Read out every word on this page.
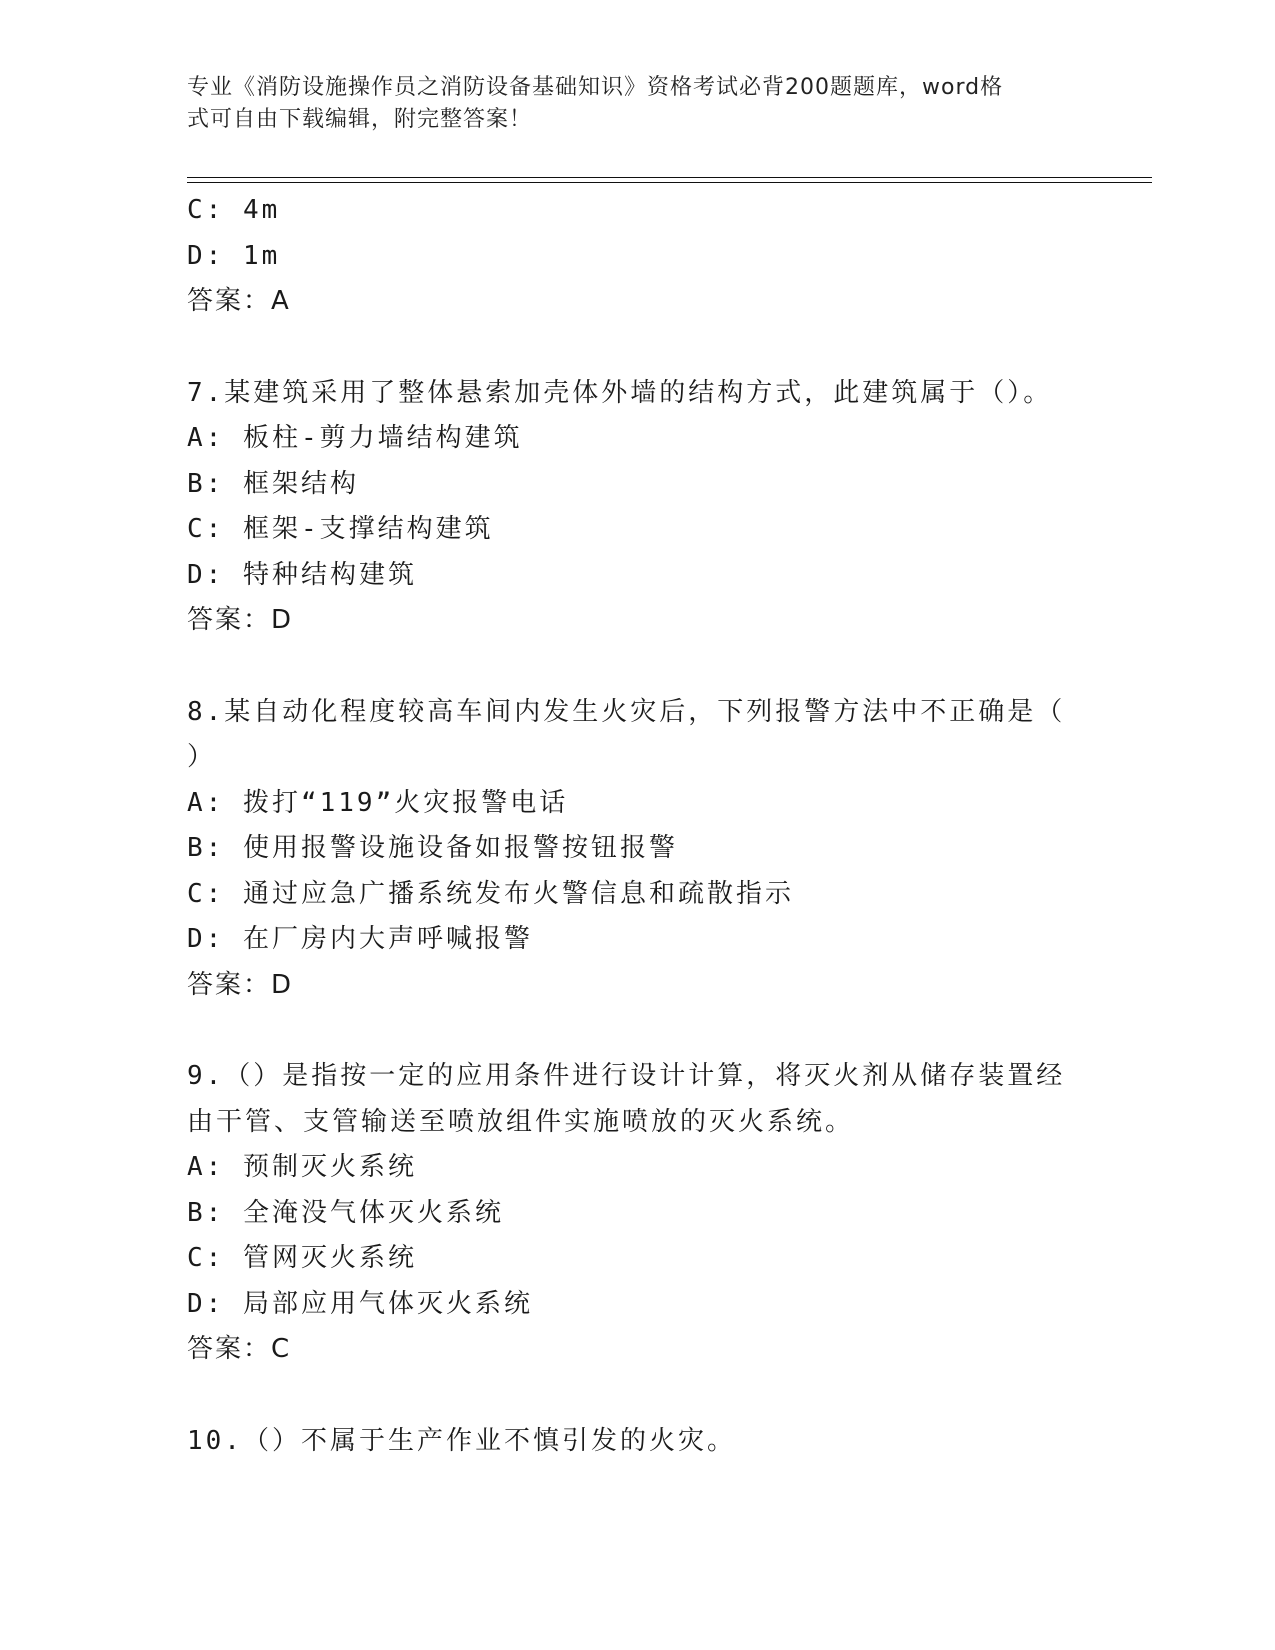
专业《消防设施操作员之消防设备基础知识》资格考试必背200题题库，word格
式可自由下载编辑，附完整答案！
C: 4m
D: 1m
答案：A
7.某建筑采用了整体悬索加壳体外墙的结构方式，此建筑属于（）。
A: 板柱-剪力墙结构建筑
B: 框架结构
C: 框架-支撑结构建筑
D: 特种结构建筑
答案：D
8.某自动化程度较高车间内发生火灾后，下列报警方法中不正确是（
）
A: 拨打“119”火灾报警电话
B: 使用报警设施设备如报警按钮报警
C: 通过应急广播系统发布火警信息和疏散指示
D: 在厂房内大声呼喊报警
答案：D
9.（）是指按一定的应用条件进行设计计算，将灭火剂从储存装置经
由干管、支管输送至喷放组件实施喷放的灭火系统。
A: 预制灭火系统
B: 全淹没气体灭火系统
C: 管网灭火系统
D: 局部应用气体灭火系统
答案：C
10.（）不属于生产作业不慎引发的火灾。
